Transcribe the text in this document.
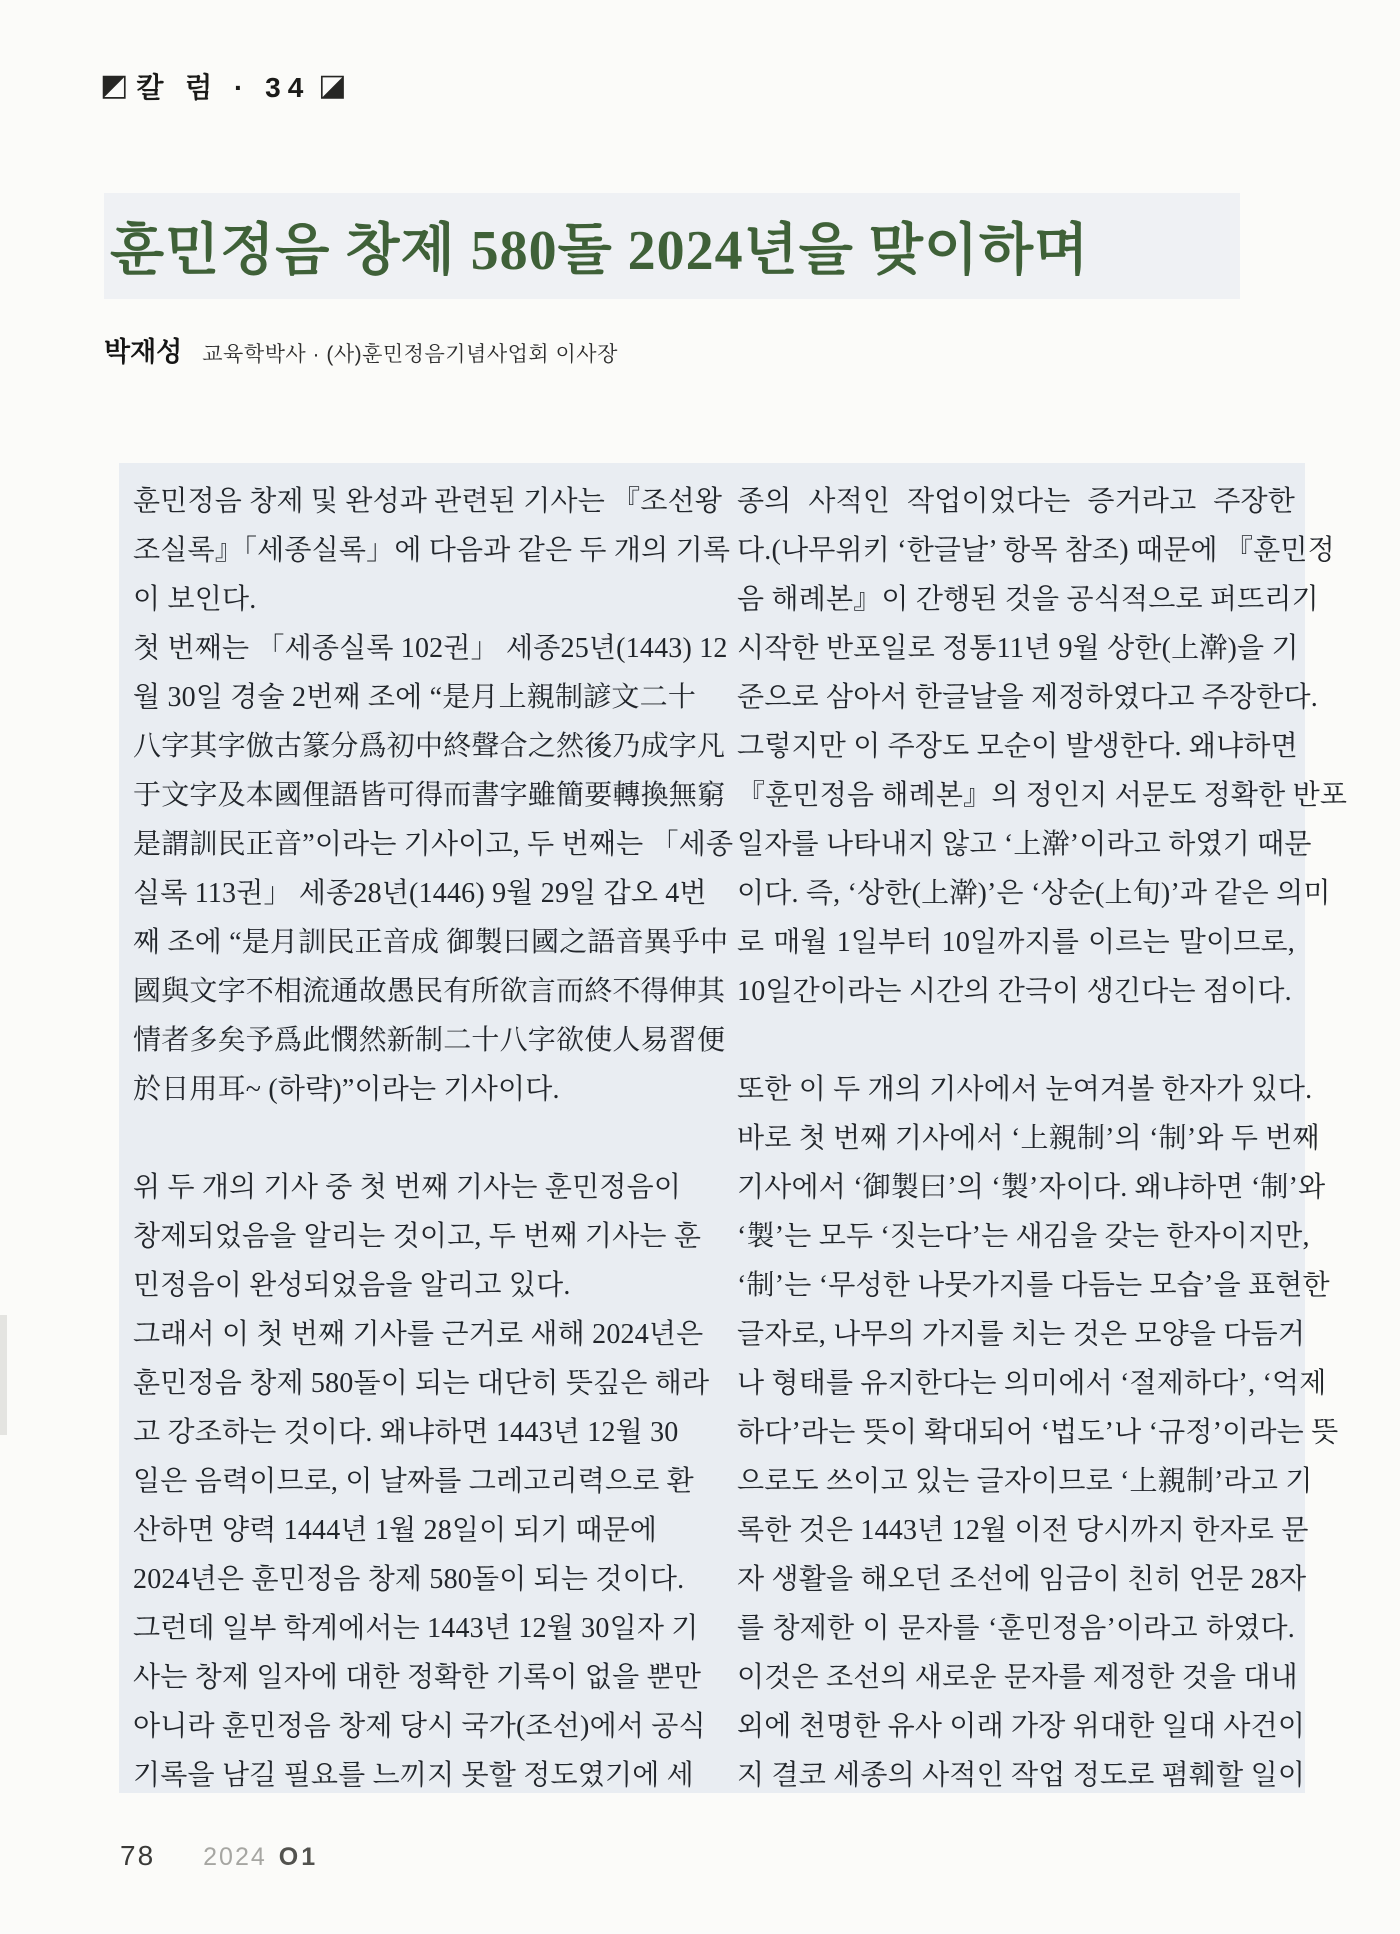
◩ 칼 럼 · 34 ◪
훈민정음 창제 580돌 2024년을 맞이하며
박재성 교육학박사 · (사)훈민정음기념사업회 이사장
훈민정음 창제 및 완성과 관련된 기사는 『조선왕
조실록』「세종실록」에 다음과 같은 두 개의 기록
이 보인다.
첫 번째는 「세종실록 102권」 세종25년(1443) 12
월 30일 경술 2번째 조에 “是月上親制諺文二十
八字其字倣古篆分爲初中終聲合之然後乃成字凡
于文字及本國俚語皆可得而書字雖簡要轉換無窮
是謂訓民正音”이라는 기사이고, 두 번째는 「세종
실록 113권」 세종28년(1446) 9월 29일 갑오 4번
째 조에 “是月訓民正音成 御製曰國之語音異乎中
國與文字不相流通故愚民有所欲言而終不得伸其
情者多矣予爲此憫然新制二十八字欲使人易習便
於日用耳~ (하략)”이라는 기사이다.
위 두 개의 기사 중 첫 번째 기사는 훈민정음이
창제되었음을 알리는 것이고, 두 번째 기사는 훈
민정음이 완성되었음을 알리고 있다.
그래서 이 첫 번째 기사를 근거로 새해 2024년은
훈민정음 창제 580돌이 되는 대단히 뜻깊은 해라
고 강조하는 것이다. 왜냐하면 1443년 12월 30
일은 음력이므로, 이 날짜를 그레고리력으로 환
산하면 양력 1444년 1월 28일이 되기 때문에
2024년은 훈민정음 창제 580돌이 되는 것이다.
그런데 일부 학계에서는 1443년 12월 30일자 기
사는 창제 일자에 대한 정확한 기록이 없을 뿐만
아니라 훈민정음 창제 당시 국가(조선)에서 공식
기록을 남길 필요를 느끼지 못할 정도였기에 세
종의 사적인 작업이었다는 증거라고 주장한
다.(나무위키 ‘한글날’ 항목 참조) 때문에 『훈민정
음 해례본』이 간행된 것을 공식적으로 퍼뜨리기
시작한 반포일로 정통11년 9월 상한(上澣)을 기
준으로 삼아서 한글날을 제정하였다고 주장한다.
그렇지만 이 주장도 모순이 발생한다. 왜냐하면
『훈민정음 해례본』의 정인지 서문도 정확한 반포
일자를 나타내지 않고 ‘上澣’이라고 하였기 때문
이다. 즉, ‘상한(上澣)’은 ‘상순(上旬)’과 같은 의미
로 매월 1일부터 10일까지를 이르는 말이므로,
10일간이라는 시간의 간극이 생긴다는 점이다.
또한 이 두 개의 기사에서 눈여겨볼 한자가 있다.
바로 첫 번째 기사에서 ‘上親制’의 ‘制’와 두 번째
기사에서 ‘御製曰’의 ‘製’자이다. 왜냐하면 ‘制’와
‘製’는 모두 ‘짓는다’는 새김을 갖는 한자이지만,
‘制’는 ‘무성한 나뭇가지를 다듬는 모습’을 표현한
글자로, 나무의 가지를 치는 것은 모양을 다듬거
나 형태를 유지한다는 의미에서 ‘절제하다’, ‘억제
하다’라는 뜻이 확대되어 ‘법도’나 ‘규정’이라는 뜻
으로도 쓰이고 있는 글자이므로 ‘上親制’라고 기
록한 것은 1443년 12월 이전 당시까지 한자로 문
자 생활을 해오던 조선에 임금이 친히 언문 28자
를 창제한 이 문자를 ‘훈민정음’이라고 하였다.
이것은 조선의 새로운 문자를 제정한 것을 대내
외에 천명한 유사 이래 가장 위대한 일대 사건이
지 결코 세종의 사적인 작업 정도로 폄훼할 일이
78 2024 O1
